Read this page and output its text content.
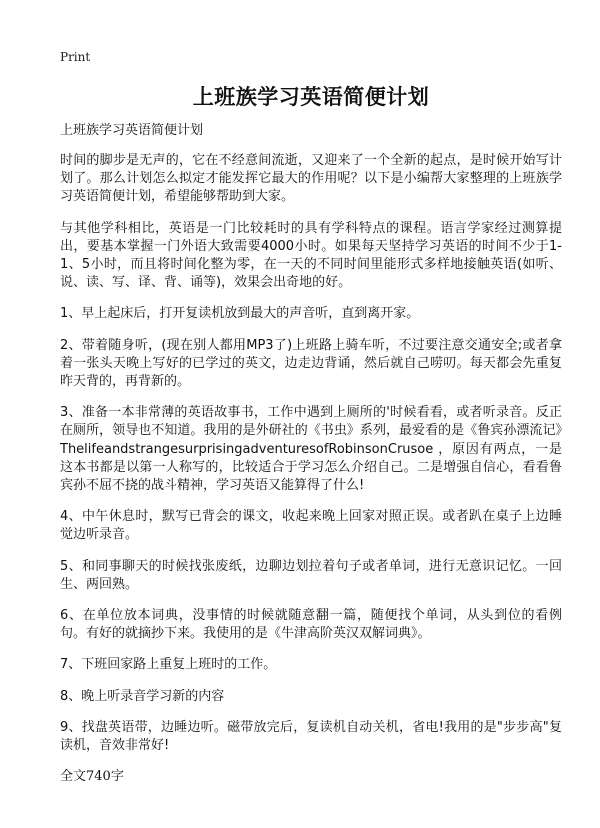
Print
上班族学习英语简便计划
上班族学习英语简便计划

时间的脚步是无声的，它在不经意间流逝，又迎来了一个全新的起点，是时候开始写计划了。那么计划怎么拟定才能发挥它最大的作用呢？以下是小编帮大家整理的上班族学习英语简便计划，希望能够帮助到大家。

与其他学科相比，英语是一门比较耗时的具有学科特点的课程。语言学家经过测算提出，要基本掌握一门外语大致需要4000小时。如果每天坚持学习英语的时间不少于1-1、5小时，而且将时间化整为零，在一天的不同时间里能形式多样地接触英语(如听、说、读、写、译、背、诵等)，效果会出奇地的好。

1、早上起床后，打开复读机放到最大的声音听，直到离开家。

2、带着随身听，(现在别人都用MP3了)上班路上骑车听，不过要注意交通安全;或者拿着一张头天晚上写好的已学过的英文，边走边背诵，然后就自己唠叨。每天都会先重复昨天背的，再背新的。

3、准备一本非常薄的英语故事书，工作中遇到上厕所的'时候看看，或者听录音。反正在厕所，领导也不知道。我用的是外研社的《书虫》系列，最爱看的是《鲁宾孙漂流记》ThelifeandstrangesurprisingadventuresofRobinsonCrusoe ，原因有两点，一是这本书都是以第一人称写的，比较适合于学习怎么介绍自己。二是增强自信心，看看鲁宾孙不屈不挠的战斗精神，学习英语又能算得了什么!

4、中午休息时，默写已背会的课文，收起来晚上回家对照正误。或者趴在桌子上边睡觉边听录音。

5、和同事聊天的时候找张废纸，边聊边划拉着句子或者单词，进行无意识记忆。一回生、两回熟。

6、在单位放本词典，没事情的时候就随意翻一篇，随便找个单词，从头到位的看例句。有好的就摘抄下来。我使用的是《牛津高阶英汉双解词典》。

7、下班回家路上重复上班时的工作。

8、晚上听录音学习新的内容

9、找盘英语带，边睡边听。磁带放完后，复读机自动关机，省电!我用的是"步步高"复读机，音效非常好!

全文740字
